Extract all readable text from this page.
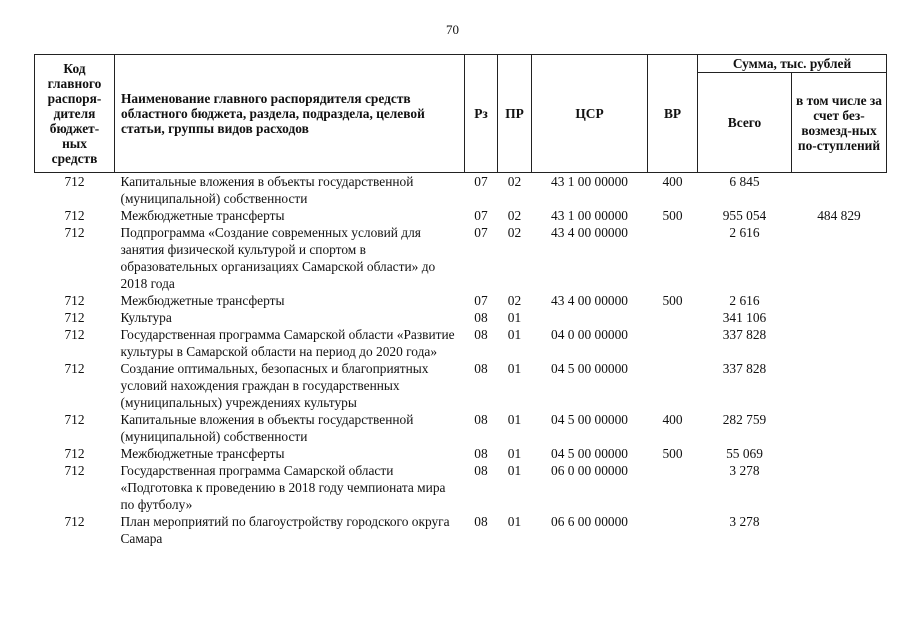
70
Код главного распоря-дителя бюджет-ных средств	Наименование главного распорядителя средств областного бюджета, раздела, подраздела, целевой статьи, группы видов расходов	Рз	ПР	ЦСР	ВР	Сумма, тыс. рублей	
						Всего	в том числе за счет без-возмезд-ных по-ступлений
712	Капитальные вложения в объекты государственной (муниципальной) собственности	07	02	43 1 00 00000	400	6 845	
712	Межбюджетные трансферты	07	02	43 1 00 00000	500	955 054	484 829
712	Подпрограмма «Создание современных условий для занятия физической культурой и спортом в образовательных организациях Самарской области» до 2018 года	07	02	43 4 00 00000		2 616	
712	Межбюджетные трансферты	07	02	43 4 00 00000	500	2 616	
712	Культура	08	01			341 106	
712	Государственная программа Самарской области «Развитие культуры в Самарской области на период до 2020 года»	08	01	04 0 00 00000		337 828	
712	Создание оптимальных, безопасных и благоприятных условий нахождения граждан в государственных (муниципальных) учреждениях культуры	08	01	04 5 00 00000		337 828	
712	Капитальные вложения в объекты государственной (муниципальной) собственности	08	01	04 5 00 00000	400	282 759	
712	Межбюджетные трансферты	08	01	04 5 00 00000	500	55 069	
712	Государственная программа Самарской области «Подготовка к проведению в 2018 году чемпионата мира по футболу»	08	01	06 0 00 00000		3 278	
712	План мероприятий по благоустройству городского округа Самара	08	01	06 6 00 00000		3 278	
